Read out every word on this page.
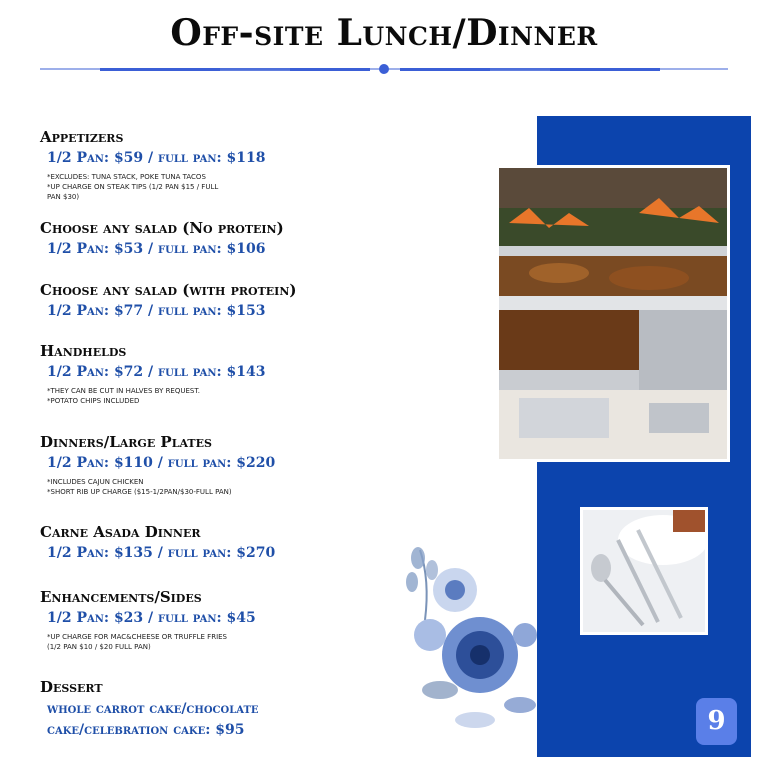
Off-site Lunch/Dinner
Appetizers
1/2 Pan: $59 / full pan: $118
*EXCLUDES: TUNA STACK, POKE TUNA TACOS
*UP CHARGE ON STEAK TIPS (1/2 PAN $15 / FULL
PAN $30)
Choose any salad (No protein)
1/2 Pan: $53 / full pan: $106
Choose any salad (with protein)
1/2 Pan: $77 / full pan: $153
Handhelds
1/2 Pan: $72 / full pan: $143
*THEY CAN BE CUT IN HALVES BY REQUEST.
*POTATO CHIPS INCLUDED
Dinners/Large Plates
1/2 Pan: $110 / full pan: $220
*INCLUDES CAJUN CHICKEN
*SHORT RIB UP CHARGE ($15-1/2PAN/$30-FULL PAN)
Carne Asada Dinner
1/2 Pan: $135 / full pan: $270
Enhancements/Sides
1/2 Pan: $23 / full pan: $45
*UP CHARGE FOR MAC&CHEESE OR TRUFFLE FRIES
(1/2 PAN $10 / $20 FULL PAN)
Dessert
whole carrot cake/chocolate cake/celebration cake: $95	9
